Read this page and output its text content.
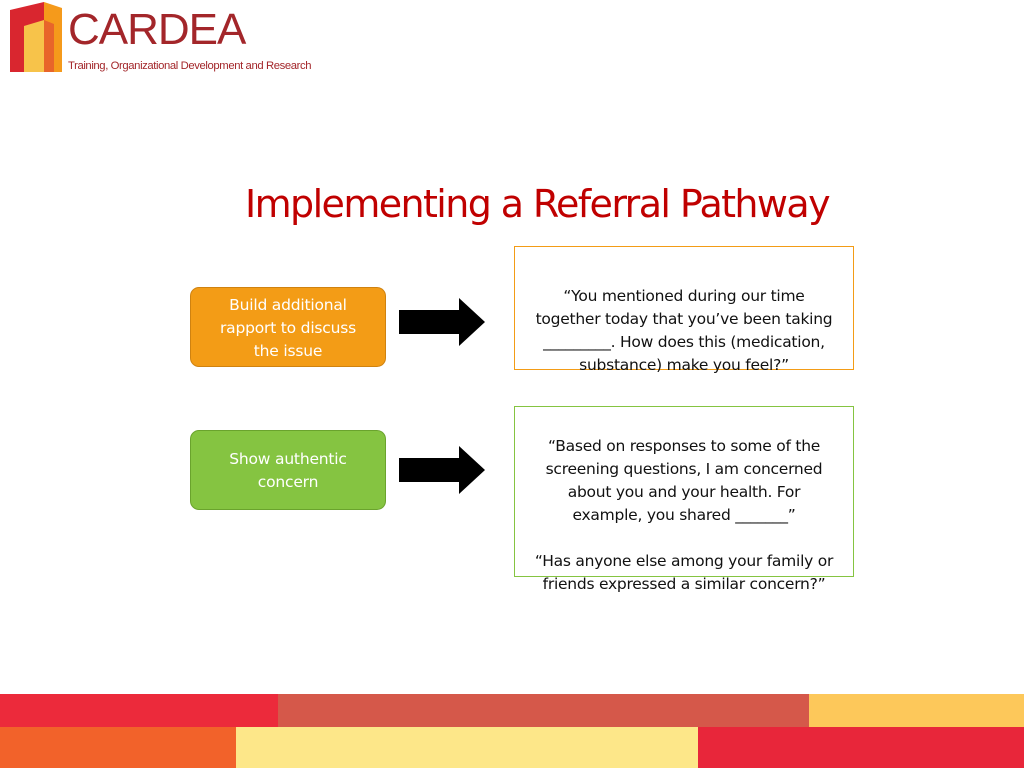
CARDEA
Training, Organizational Development and Research
Implementing a Referral Pathway
Build additional
rapport to discuss
the issue

“You mentioned during our time
together today that you’ve been taking
_________. How does this (medication,
substance) make you feel?”

Show authentic
concern

“Based on responses to some of the
screening questions, I am concerned
about you and your health. For
example, you shared _______”

“Has anyone else among your family or
friends expressed a similar concern?”
